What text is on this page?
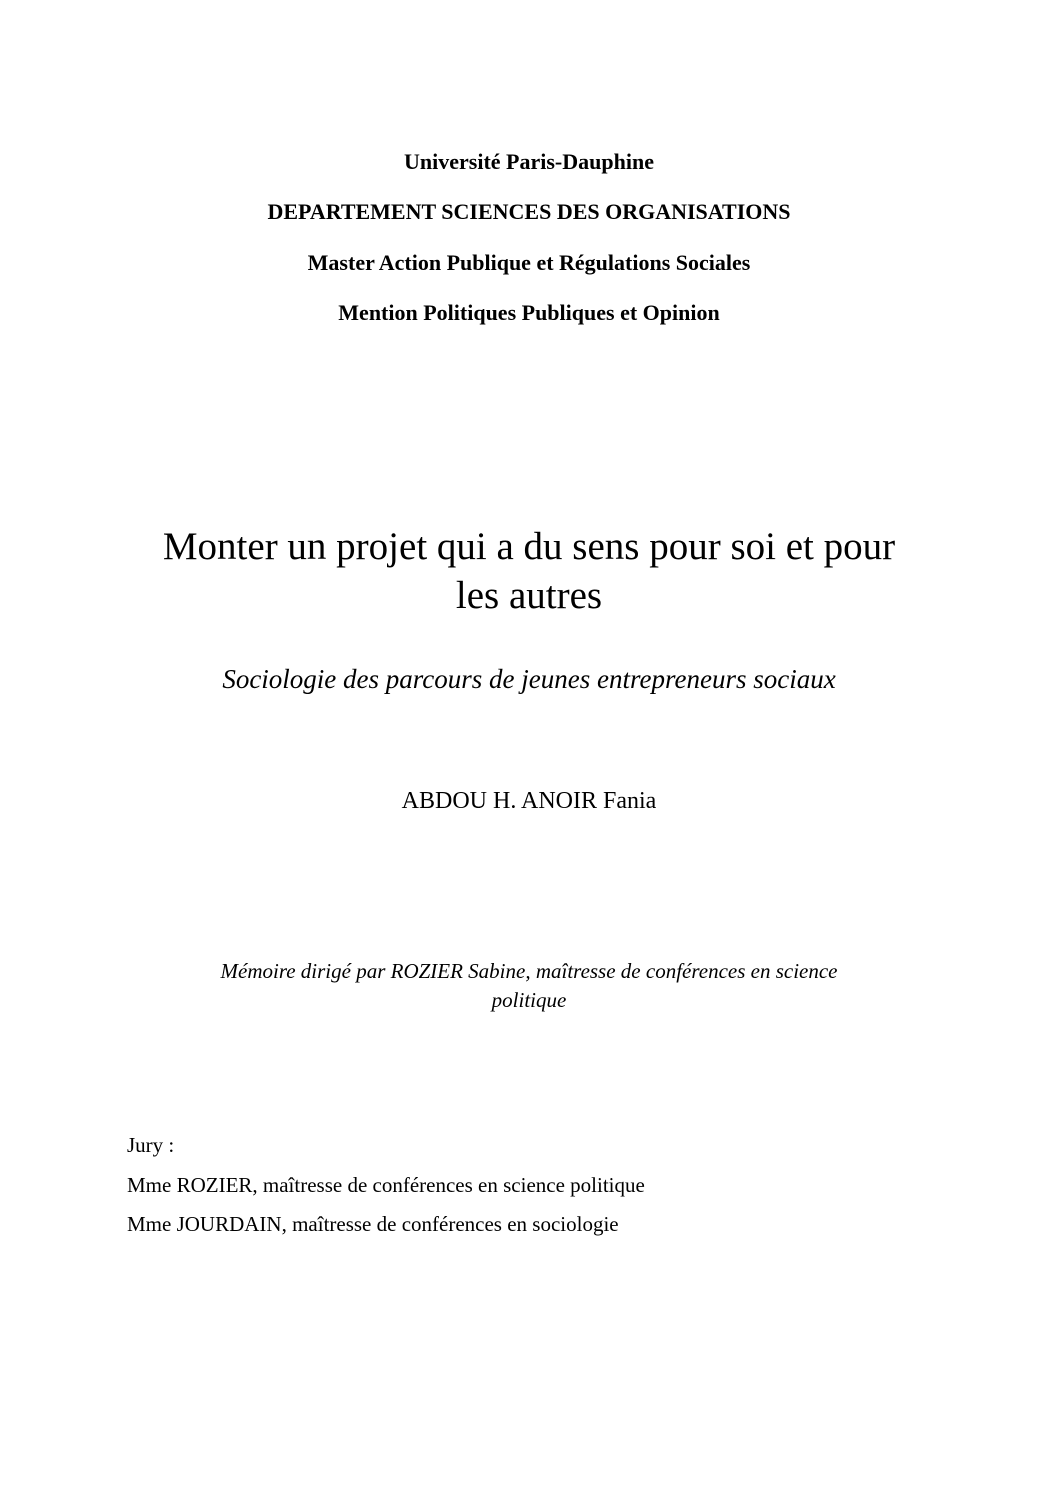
Université Paris-Dauphine
DEPARTEMENT SCIENCES DES ORGANISATIONS
Master Action Publique et Régulations Sociales
Mention Politiques Publiques et Opinion
Monter un projet qui a du sens pour soi et pour
les autres
Sociologie des parcours de jeunes entrepreneurs sociaux
ABDOU H. ANOIR Fania
Mémoire dirigé par ROZIER Sabine, maîtresse de conférences en science
politique
Jury :
Mme ROZIER, maîtresse de conférences en science politique
Mme JOURDAIN, maîtresse de conférences en sociologie
